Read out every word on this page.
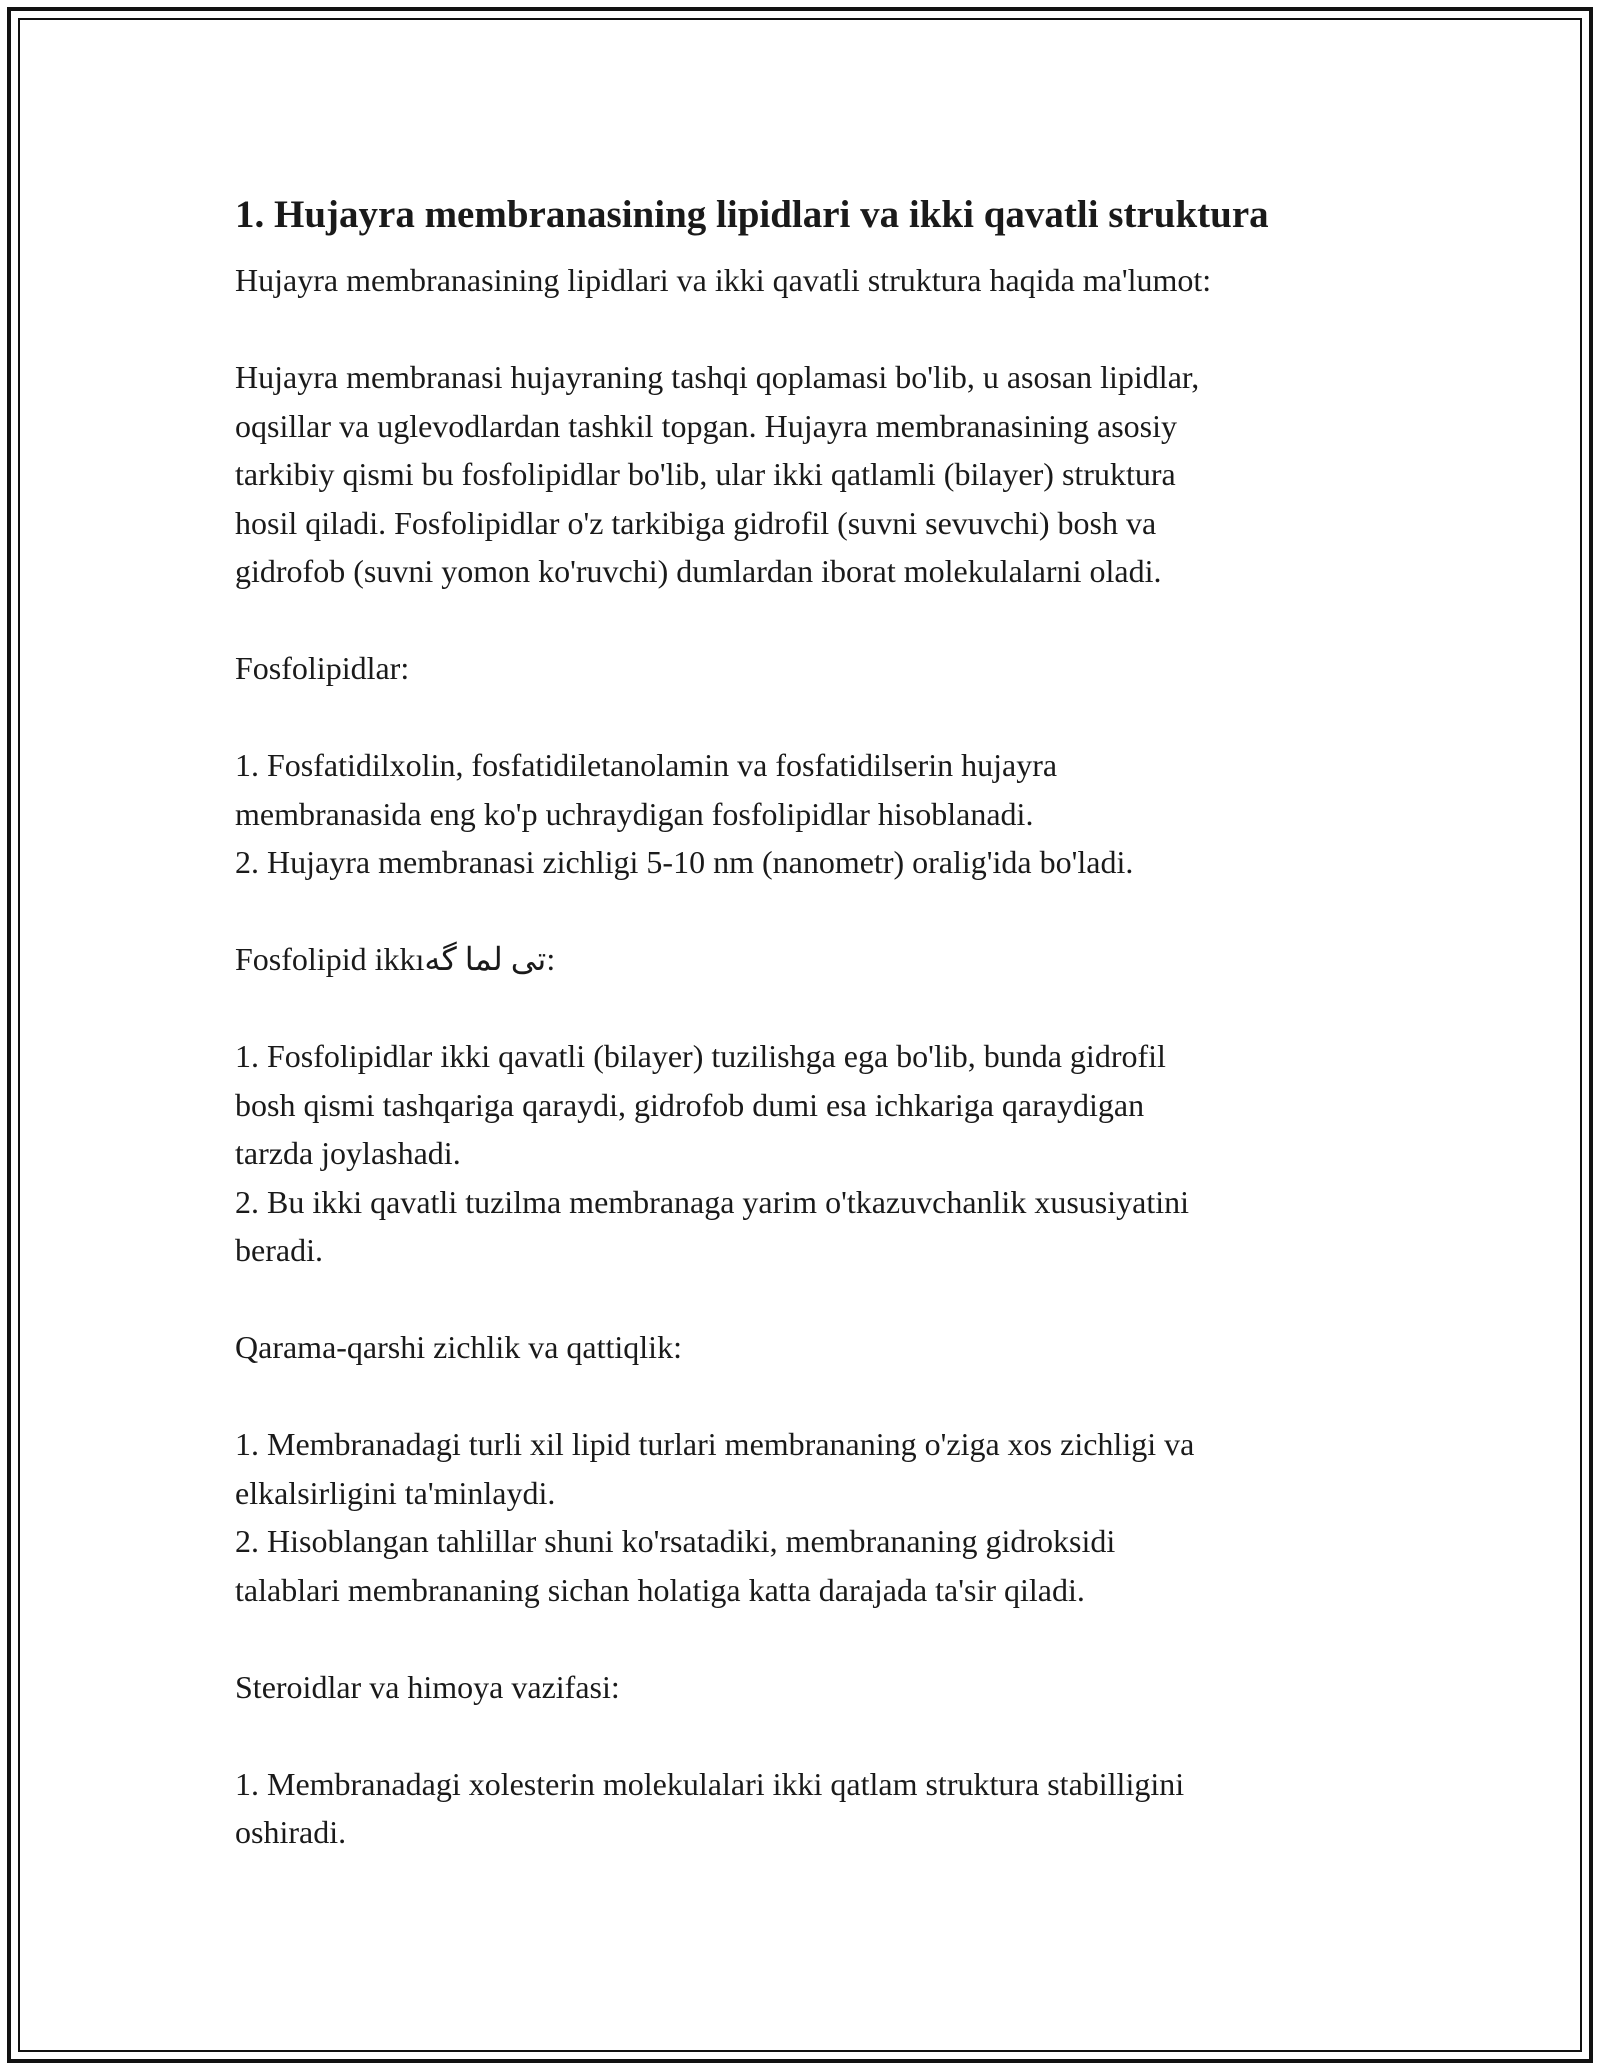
1. Hujayra membranasining lipidlari va ikki qavatli struktura

Hujayra membranasining lipidlari va ikki qavatli struktura haqida ma'lumot:

Hujayra membranasi hujayraning tashqi qoplamasi bo'lib, u asosan lipidlar,
oqsillar va uglevodlardan tashkil topgan. Hujayra membranasining asosiy
tarkibiy qismi bu fosfolipidlar bo'lib, ular ikki qatlamli (bilayer) struktura
hosil qiladi. Fosfolipidlar o'z tarkibiga gidrofil (suvni sevuvchi) bosh va
gidrofob (suvni yomon ko'ruvchi) dumlardan iborat molekulalarni oladi.

Fosfolipidlar:

1. Fosfatidilxolin, fosfatidiletanolamin va fosfatidilserin hujayra
membranasida eng ko'p uchraydigan fosfolipidlar hisoblanadi.
2. Hujayra membranasi zichligi 5-10 nm (nanometr) oralig'ida bo'ladi.

Fosfolipid ikkıتی لما گه:

1. Fosfolipidlar ikki qavatli (bilayer) tuzilishga ega bo'lib, bunda gidrofil
bosh qismi tashqariga qaraydi, gidrofob dumi esa ichkariga qaraydigan
tarzda joylashadi.
2. Bu ikki qavatli tuzilma membranaga yarim o'tkazuvchanlik xususiyatini
beradi.

Qarama-qarshi zichlik va qattiqlik:

1. Membranadagi turli xil lipid turlari membrananing o'ziga xos zichligi va
elkalsirligini ta'minlaydi.
2. Hisoblangan tahlillar shuni ko'rsatadiki, membrananing gidroksidi
talablari membrananing sichan holatiga katta darajada ta'sir qiladi.

Steroidlar va himoya vazifasi:

1. Membranadagi xolesterin molekulalari ikki qatlam struktura stabilligini
oshiradi.
